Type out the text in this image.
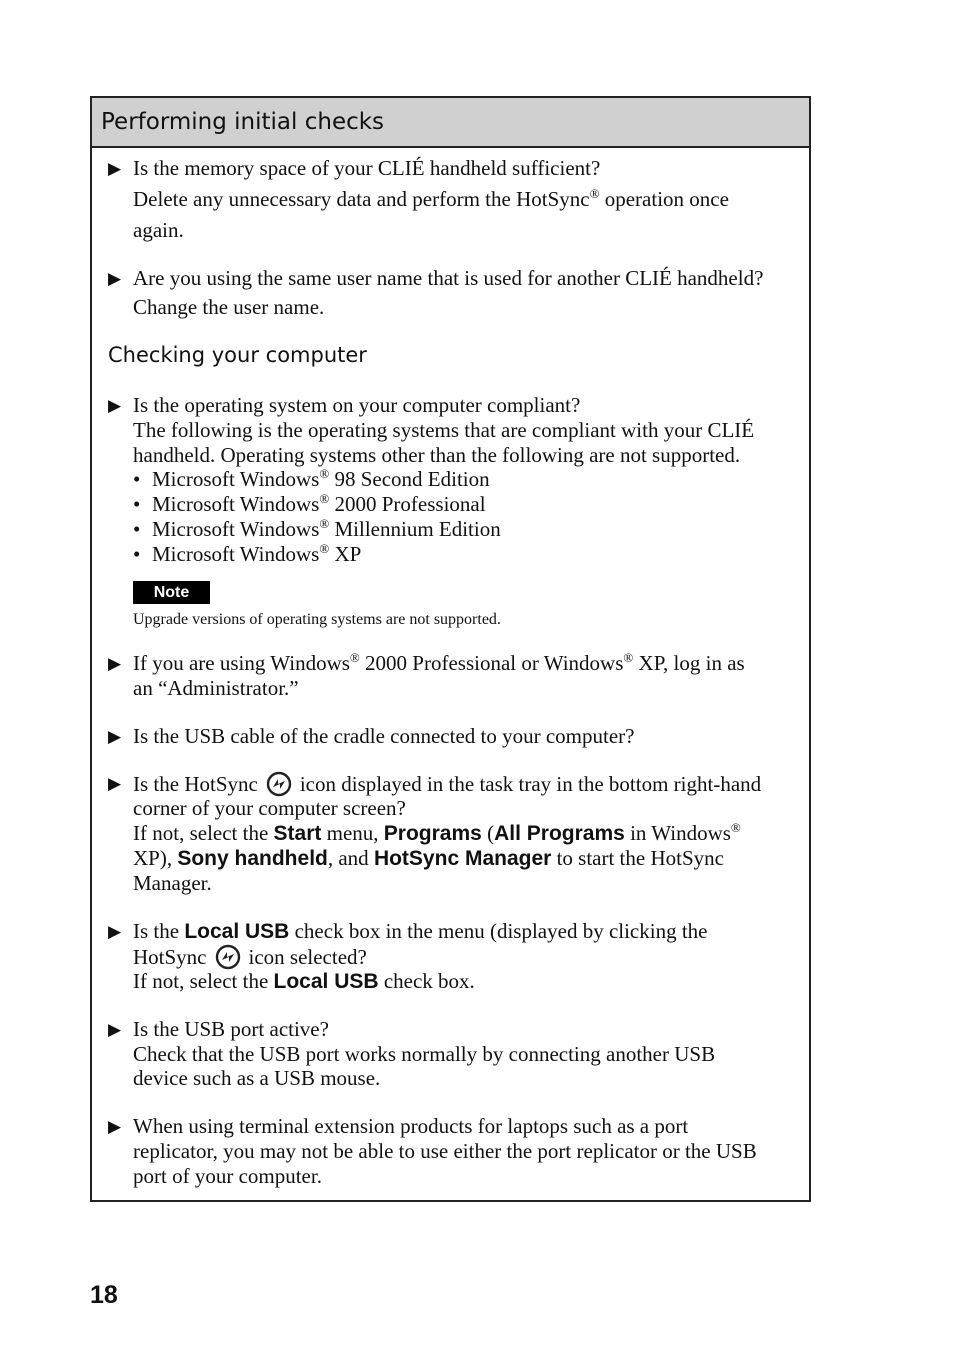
Performing initial checks
▶ Is the memory space of your CLIÉ handheld sufficient?
Delete any unnecessary data and perform the HotSync® operation once
again.
▶ Are you using the same user name that is used for another CLIÉ handheld?
Change the user name.
Checking your computer
▶ Is the operating system on your computer compliant?
The following is the operating systems that are compliant with your CLIÉ
handheld. Operating systems other than the following are not supported.
• Microsoft Windows® 98 Second Edition
• Microsoft Windows® 2000 Professional
• Microsoft Windows® Millennium Edition
• Microsoft Windows® XP
Note
Upgrade versions of operating systems are not supported.
▶ If you are using Windows® 2000 Professional or Windows® XP, log in as
an “Administrator.”
▶ Is the USB cable of the cradle connected to your computer?
▶ Is the HotSync icon displayed in the task tray in the bottom right-hand
corner of your computer screen?
If not, select the Start menu, Programs (All Programs in Windows®
XP), Sony handheld, and HotSync Manager to start the HotSync
Manager.
▶ Is the Local USB check box in the menu (displayed by clicking the
HotSync icon selected?
If not, select the Local USB check box.
▶ Is the USB port active?
Check that the USB port works normally by connecting another USB
device such as a USB mouse.
▶ When using terminal extension products for laptops such as a port
replicator, you may not be able to use either the port replicator or the USB
port of your computer.
18
